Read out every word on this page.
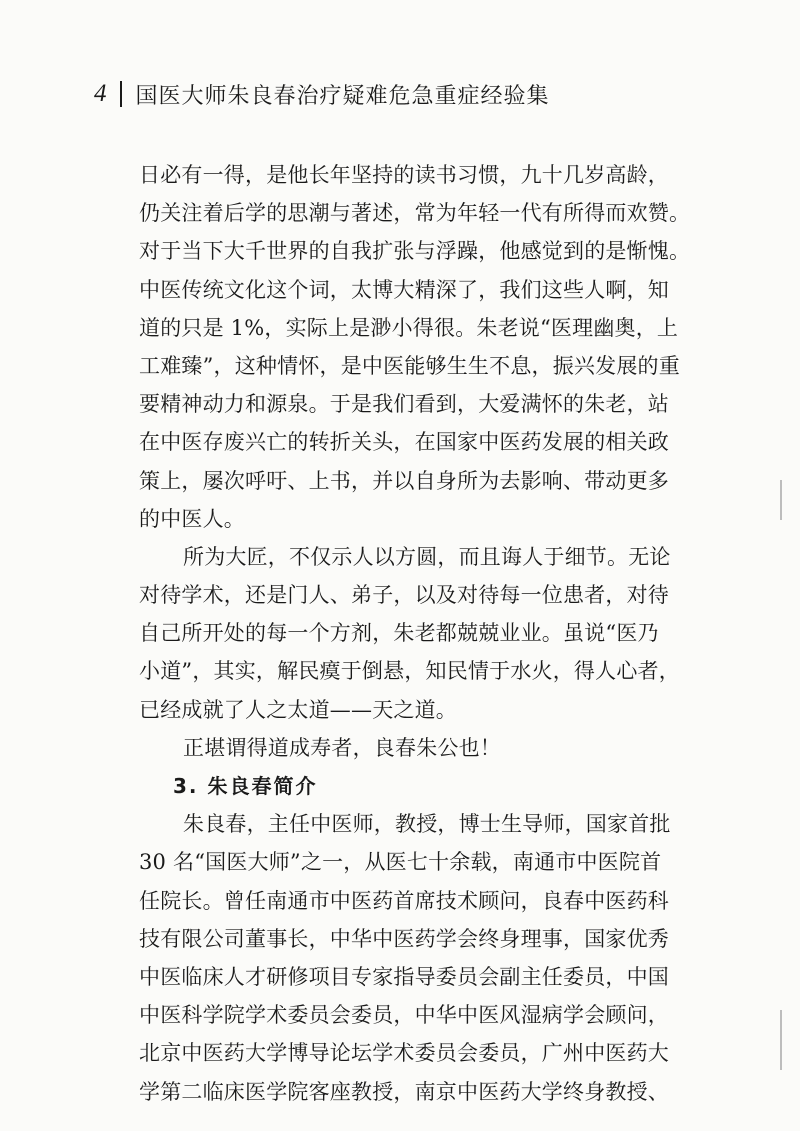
4 国医大师朱良春治疗疑难危急重症经验集
日必有一得，是他长年坚持的读书习惯，九十几岁高龄，
仍关注着后学的思潮与著述，常为年轻一代有所得而欢赞。
对于当下大千世界的自我扩张与浮躁，他感觉到的是惭愧。
中医传统文化这个词，太博大精深了，我们这些人啊，知
道的只是 1%，实际上是渺小得很。朱老说“医理幽奥，上
工难臻”，这种情怀，是中医能够生生不息，振兴发展的重
要精神动力和源泉。于是我们看到，大爱满怀的朱老，站
在中医存废兴亡的转折关头，在国家中医药发展的相关政
策上，屡次呼吁、上书，并以自身所为去影响、带动更多
的中医人。
所为大匠，不仅示人以方圆，而且诲人于细节。无论
对待学术，还是门人、弟子，以及对待每一位患者，对待
自己所开处的每一个方剂，朱老都兢兢业业。虽说“医乃
小道”，其实，解民瘼于倒悬，知民情于水火，得人心者，
已经成就了人之太道——天之道。
正堪谓得道成寿者，良春朱公也！
3. 朱良春简介
朱良春，主任中医师，教授，博士生导师，国家首批
30 名“国医大师”之一，从医七十余载，南通市中医院首
任院长。曾任南通市中医药首席技术顾问，良春中医药科
技有限公司董事长，中华中医药学会终身理事，国家优秀
中医临床人才研修项目专家指导委员会副主任委员，中国
中医科学院学术委员会委员，中华中医风湿病学会顾问，
北京中医药大学博导论坛学术委员会委员，广州中医药大
学第二临床医学院客座教授，南京中医药大学终身教授、
